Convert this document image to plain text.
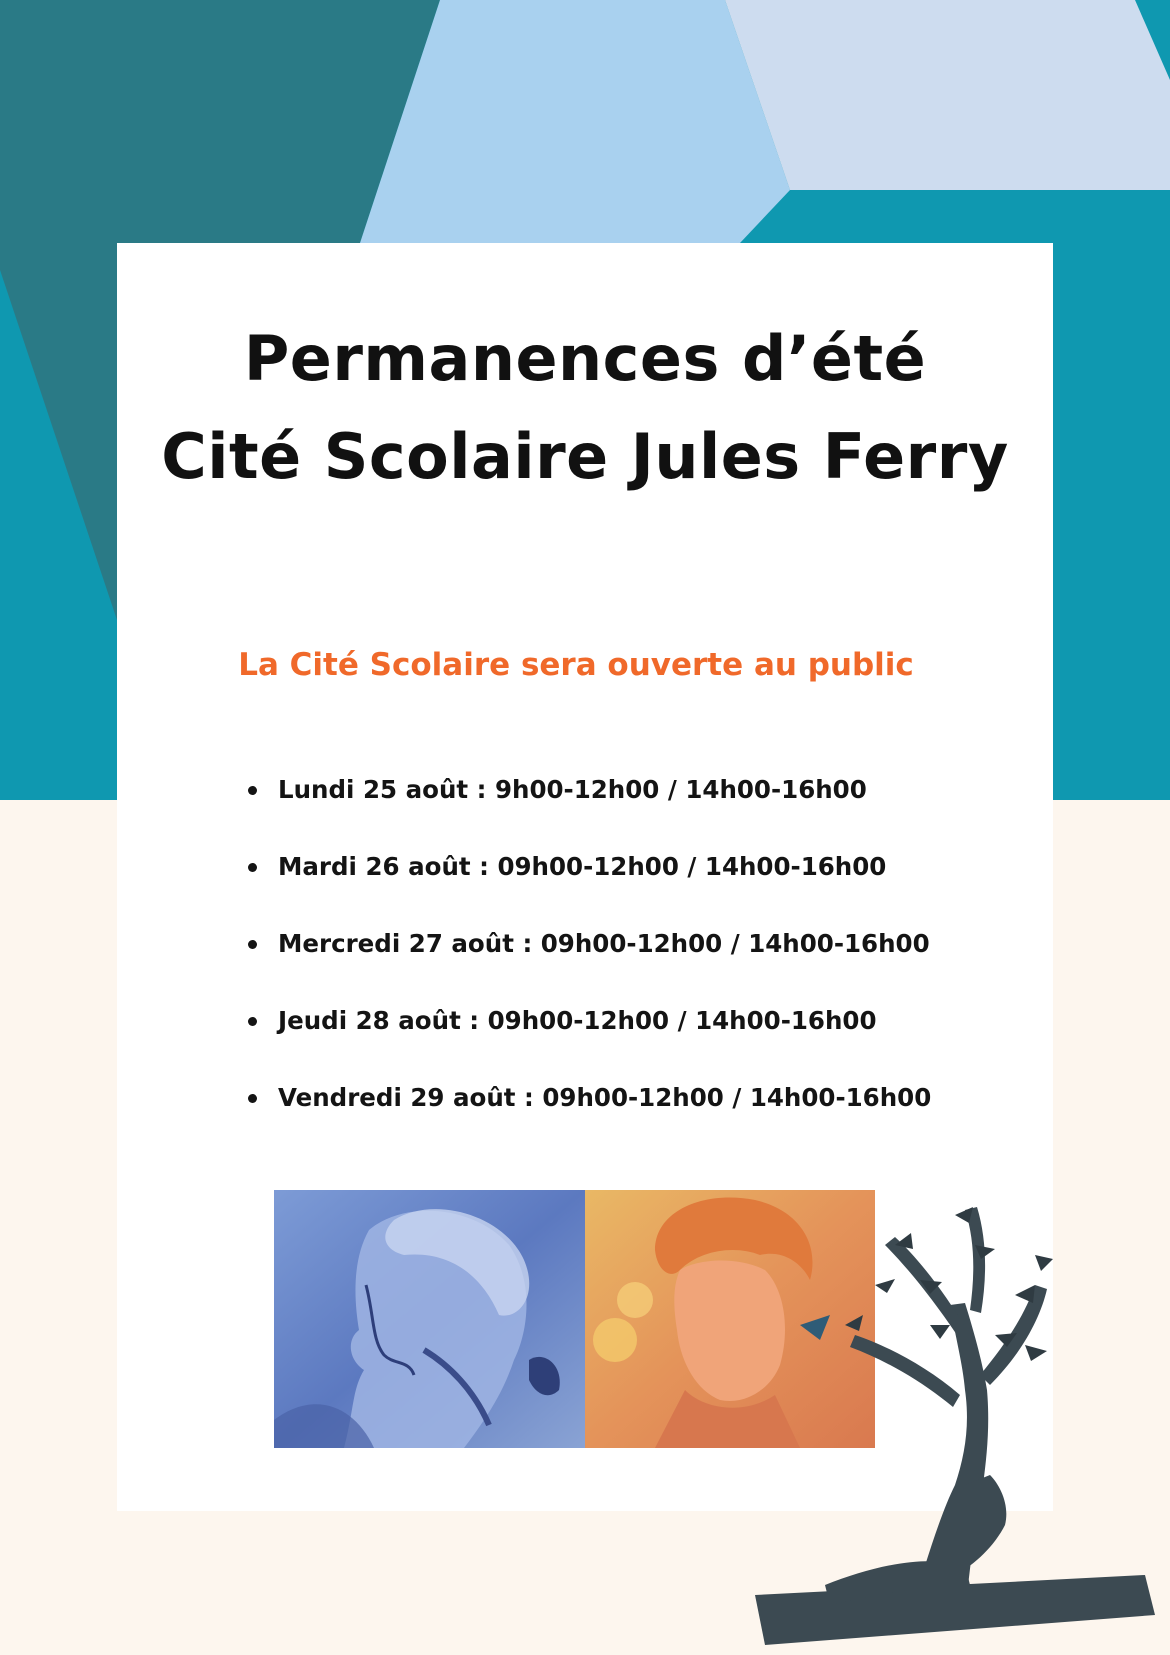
Permanences d’été
Cité Scolaire Jules Ferry
La Cité Scolaire sera ouverte au public
Lundi 25 août : 9h00-12h00 / 14h00-16h00
Mardi 26 août : 09h00-12h00 / 14h00-16h00
Mercredi 27 août : 09h00-12h00 / 14h00-16h00
Jeudi 28 août : 09h00-12h00 / 14h00-16h00
Vendredi 29 août : 09h00-12h00 / 14h00-16h00
